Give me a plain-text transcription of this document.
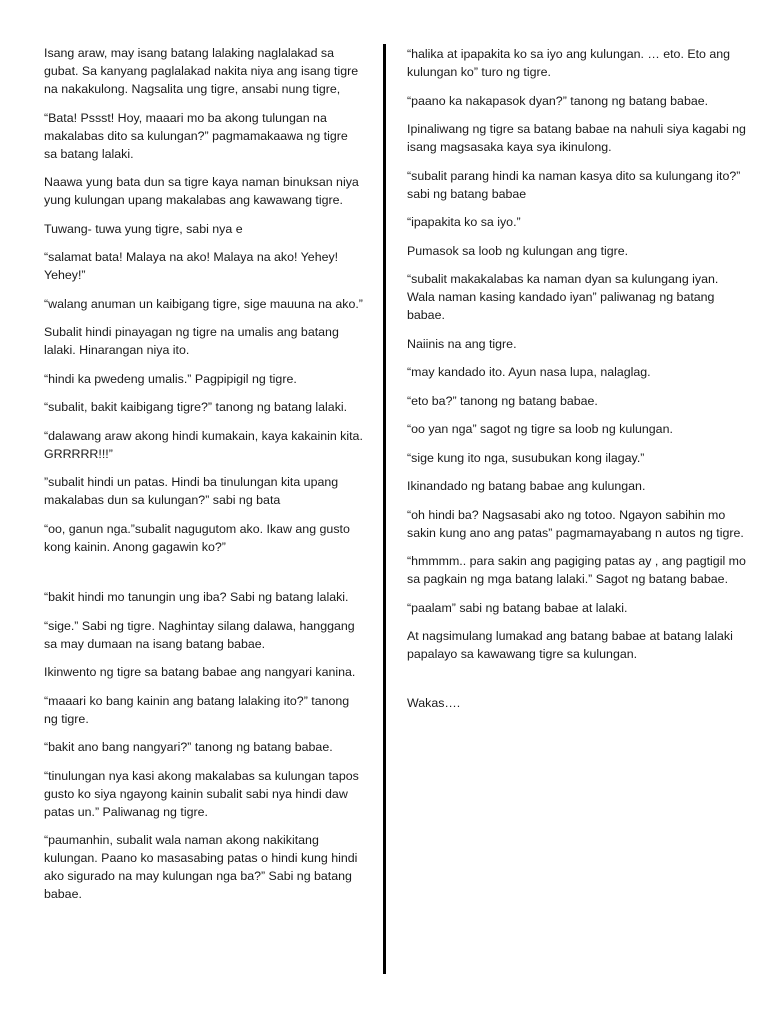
Isang araw, may isang batang lalaking naglalakad sa gubat. Sa kanyang paglalakad nakita niya ang isang tigre na nakakulong. Nagsalita ung tigre, ansabi nung tigre,

“Bata! Pssst! Hoy, maaari mo ba akong tulungan na makalabas dito sa kulungan?” pagmamakaawa ng tigre sa batang lalaki.

Naawa yung bata dun sa tigre kaya naman binuksan niya yung kulungan upang makalabas ang kawawang tigre.

Tuwang- tuwa yung tigre, sabi nya e

“salamat bata! Malaya na ako! Malaya na ako! Yehey! Yehey!”

“walang anuman un kaibigang tigre, sige mauuna na ako.”

Subalit hindi pinayagan ng tigre na umalis ang batang lalaki. Hinarangan niya ito.

“hindi ka pwedeng umalis.” Pagpipigil ng tigre.

“subalit, bakit kaibigang tigre?” tanong ng batang lalaki.

“dalawang araw akong hindi kumakain, kaya kakainin kita. GRRRRR!!!”

”subalit hindi un patas. Hindi ba tinulungan kita upang makalabas dun sa kulungan?” sabi ng bata

“oo, ganun nga.”subalit nagugutom ako. Ikaw ang gusto kong kainin. Anong gagawin ko?”

“bakit hindi mo tanungin ung iba? Sabi ng batang lalaki.

“sige.” Sabi ng tigre. Naghintay silang dalawa, hanggang sa may dumaan na isang batang babae.

Ikinwento ng tigre sa batang babae ang nangyari kanina.

“maaari ko bang kainin ang batang lalaking ito?” tanong ng tigre.

“bakit ano bang nangyari?” tanong ng batang babae.

“tinulungan nya kasi akong makalabas sa kulungan tapos gusto ko siya ngayong kainin subalit sabi nya hindi daw patas un.” Paliwanag ng tigre.

“paumanhin, subalit wala naman akong nakikitang kulungan. Paano ko masasabing patas o hindi kung hindi ako sigurado na may kulungan nga ba?” Sabi ng batang babae.

“halika at ipapakita ko sa iyo ang kulungan. … eto. Eto ang kulungan ko” turo ng tigre.

“paano ka nakapasok dyan?” tanong ng batang babae.

Ipinaliwang ng tigre sa batang babae na nahuli siya kagabi ng isang magsasaka kaya sya ikinulong.

“subalit parang hindi ka naman kasya dito sa kulungang ito?” sabi ng batang babae

“ipapakita ko sa iyo.”

Pumasok sa loob ng kulungan ang tigre.

“subalit makakalabas ka naman dyan sa kulungang iyan. Wala naman kasing kandado iyan” paliwanag ng batang babae.

Naiinis na ang tigre.

“may kandado ito. Ayun nasa lupa, nalaglag.

“eto ba?” tanong ng batang babae.

“oo yan nga” sagot ng tigre sa loob ng kulungan.

“sige kung ito nga, susubukan kong ilagay.”

Ikinandado ng batang babae ang kulungan.

“oh hindi ba? Nagsasabi ako ng totoo. Ngayon sabihin mo sakin kung ano ang patas” pagmamayabang n autos ng tigre.

“hmmmm.. para sakin ang pagiging patas ay , ang pagtigil mo sa pagkain ng mga batang lalaki.” Sagot ng batang babae.

“paalam” sabi ng batang babae at lalaki.

At nagsimulang lumakad ang batang babae at batang lalaki papalayo sa kawawang tigre sa kulungan.

Wakas….
